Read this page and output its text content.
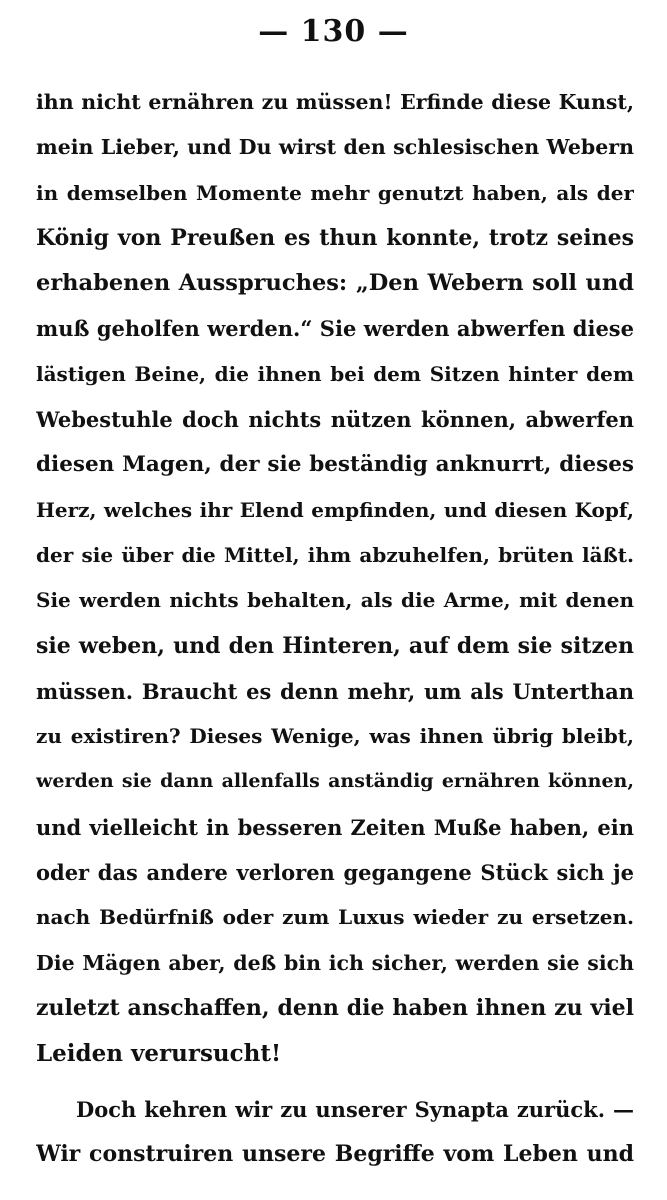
— 130 —
ihn nicht ernähren zu müssen! Erfinde diese Kunst,
mein Lieber, und Du wirst den schlesischen Webern
in demselben Momente mehr genutzt haben, als der
König von Preußen es thun konnte, trotz seines
erhabenen Ausspruches: „Den Webern soll und
muß geholfen werden.“ Sie werden abwerfen diese
lästigen Beine, die ihnen bei dem Sitzen hinter dem
Webestuhle doch nichts nützen können, abwerfen
diesen Magen, der sie beständig anknurrt, dieses
Herz, welches ihr Elend empfinden, und diesen Kopf,
der sie über die Mittel, ihm abzuhelfen, brüten läßt.
Sie werden nichts behalten, als die Arme, mit denen
sie weben, und den Hinteren, auf dem sie sitzen
müssen. Braucht es denn mehr, um als Unterthan
zu existiren? Dieses Wenige, was ihnen übrig bleibt,
werden sie dann allenfalls anständig ernähren können,
und vielleicht in besseren Zeiten Muße haben, ein
oder das andere verloren gegangene Stück sich je
nach Bedürfniß oder zum Luxus wieder zu ersetzen.
Die Mägen aber, deß bin ich sicher, werden sie sich
zuletzt anschaffen, denn die haben ihnen zu viel
Leiden verursucht!
Doch kehren wir zu unserer Synapta zurück. —
Wir construiren unsere Begriffe vom Leben und
